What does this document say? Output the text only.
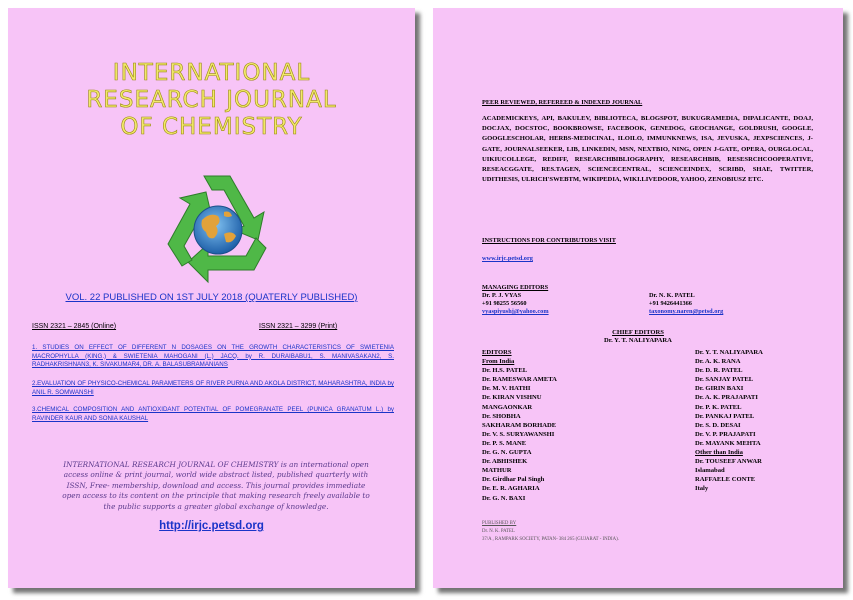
INTERNATIONAL
RESEARCH JOURNAL
OF CHEMISTRY
VOL. 22 PUBLISHED ON 1ST JULY 2018 (QUATERLY PUBLISHED)
ISSN 2321 – 2845 (Online)	ISSN 2321 – 3299 (Print)
1. STUDIES ON EFFECT OF DIFFERENT N DOSAGES ON THE GROWTH CHARACTERISTICS OF SWIETENIA MACROPHYLLA (KING.) & SWIETENIA MAHOGANI (L.) JACQ. by R. DURAIBABU1, S. MANIVASAKAN2, S. RADHAKRISHNAN3, K. SIVAKUMAR4, DR. A. BALASUBRAMANIANS
2.EVALUATION OF PHYSICO-CHEMICAL PARAMETERS OF RIVER PURNA AND AKOLA DISTRICT, MAHARASHTRA, INDIA by ANIL R. SOMWANSHI
3.CHEMICAL COMPOSITION AND ANTIOXIDANT POTENTIAL OF POMEGRANATE PEEL (PUNICA GRANATUM L.) by RAVINDER KAUR AND SONIA KAUSHAL
INTERNATIONAL RESEARCH JOURNAL OF CHEMISTRY is an international open access online & print journal, world wide abstract listed, published quarterly with ISSN, Free- membership, download and access. This journal provides immediate open access to its content on the principle that making research freely available to the public supports a greater global exchange of knowledge.
http://irjc.petsd.org
PEER REVIEWED, REFEREED & INDEXED JOURNAL
ACADEMICKEYS, API, BAKULEV, BIBLIOTECA, BLOGSPOT, BUKUGRAMEDIA, DIPALICANTE, DOAJ, DOCJAX, DOCSTOC, BOOKBROWSE, FACEBOOK, GENEDOG, GEOCHANGE, GOLDRUSH, GOOGLE, GOOGLESCHOLAR, HERBS-MEDICINAL, ILOILO, IMMUNKNEWS, ISA, JEVUSKA, JEXPSCIENCES, J-GATE, JOURNALSEEKER, LIB, LINKEDIN, MSN, NEXTBIO, NING, OPEN J-GATE, OPERA, OURGLOCAL, UIKIUCOLLEGE, REDIFF, RESEARCHBIBLIOGRAPHY, RESEARCHBIB, RESESRCHCOOPERATIVE, RESEACGGATE, RES.TAGEN, SCIENCECENTRAL, SCIENCEINDEX, SCRIBD, SHAE, TWITTER, UDITHESIS, ULRICH'SWEBTM, WIKIPEDIA, WIKI.LIVEDOOR, YAHOO, ZENOBIUSZ ETC.
INSTRUCTIONS FOR CONTRIBUTORS VISIT
www.irjc.petsd.org
MANAGING EDITORS
Dr. P. J. VYAS
+91 98255 56560
vyaspiyushj@yahoo.com
Dr. N. K. PATEL
+91 9426441366
taxonomy.naren@petsd.org
CHIEF EDITORS
Dr. Y. T. NALIYAPARA
EDITORS
From India
Dr. H.S. PATEL
Dr. RAMESWAR AMETA
Dr. M. V. HATHI
Dr. KIRAN VISHNU
MANGAONKAR
Dr. SHOBHA
SAKHARAM BORHADE
Dr. V. S. SURYAWANSHI
Dr. P. S. MANE
Dr. G. N. GUPTA
Dr. ABHISHEK
MATHUR
Dr. Girdhar Pal Singh
Dr. E. R. AGHARIA
Dr. G. N. BAXI
Dr. Y. T. NALIYAPARA
Dr. A. K. RANA
Dr. D. R. PATEL
Dr. SANJAY PATEL
Dr. GIRIN BAXI
Dr. A. K. PRAJAPATI
Dr. P. K. PATEL
Dr. PANKAJ PATEL
Dr. S. D. DESAI
Dr. V. P. PRAJAPATI
Dr. MAYANK MEHTA
Other than India
Dr. TOUSEEF ANWAR
Islamabad
RAFFAELE CONTE
Italy
PUBLISHED BY
Dr. N. K. PATEL
37/A , RAMPARK SOCIETY, PATAN- 384 265 (GUJARAT - INDIA).
